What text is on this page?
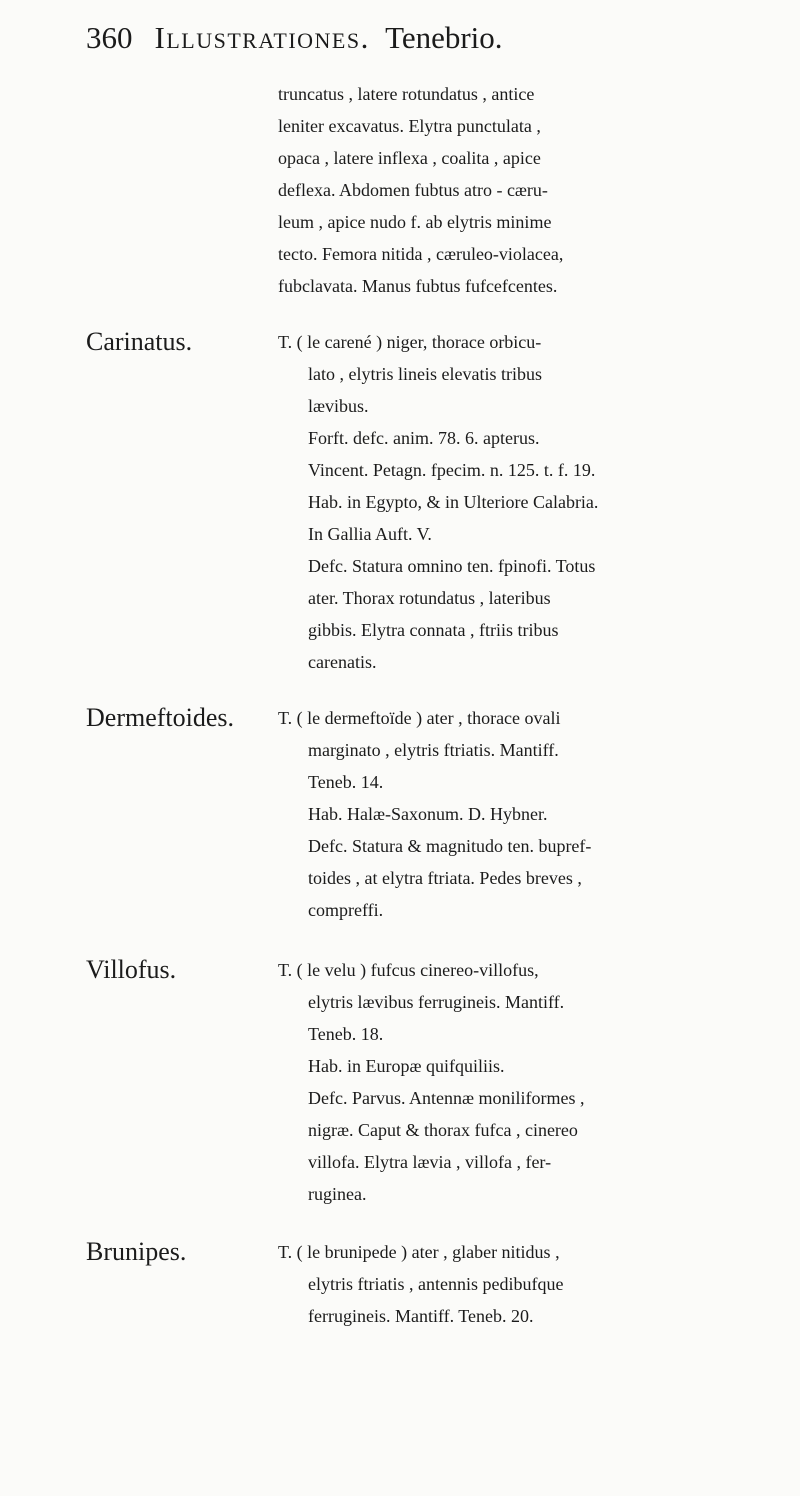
360 Illustrationes. Tenebrio.
truncatus , latere rotundatus , antice
leniter excavatus. Elytra punctulata ,
opaca , latere inflexa , coalita , apice
deflexa. Abdomen fubtus atro - cæru-
leum , apice nudo f. ab elytris minime
tecto. Femora nitida , cæruleo-violacea,
fubclavata. Manus fubtus fufcefcentes.
Carinatus.	T. ( le carené ) niger, thorace orbicu-
lato , elytris lineis elevatis tribus
lævibus.
Forft. defc. anim. 78. 6. apterus.
Vincent. Petagn. fpecim. n. 125. t. f. 19.
Hab. in Egypto, & in Ulteriore Calabria.
In Gallia Auft. V.
Defc. Statura omnino ten. fpinofi. Totus
ater. Thorax rotundatus , lateribus
gibbis. Elytra connata , ftriis tribus
carenatis.
Dermeftoides. T. ( le dermeftoïde ) ater , thorace ovali
marginato , elytris ftriatis. Mantiff.
Teneb. 14.
Hab. Halæ-Saxonum. D. Hybner.
Defc. Statura & magnitudo ten. bupref-
toides , at elytra ftriata. Pedes breves ,
compreffi.
Villofus.	T. ( le velu ) fufcus cinereo-villofus,
elytris lævibus ferrugineis. Mantiff.
Teneb. 18.
Hab. in Europæ quifquiliis.
Defc. Parvus. Antennæ moniliformes ,
nigræ. Caput & thorax fufca , cinereo
villofa. Elytra lævia , villofa , fer-
ruginea.
Brunipes.	T. ( le brunipede ) ater , glaber nitidus ,
elytris ftriatis , antennis pedibufque
ferrugineis. Mantiff. Teneb. 20.
